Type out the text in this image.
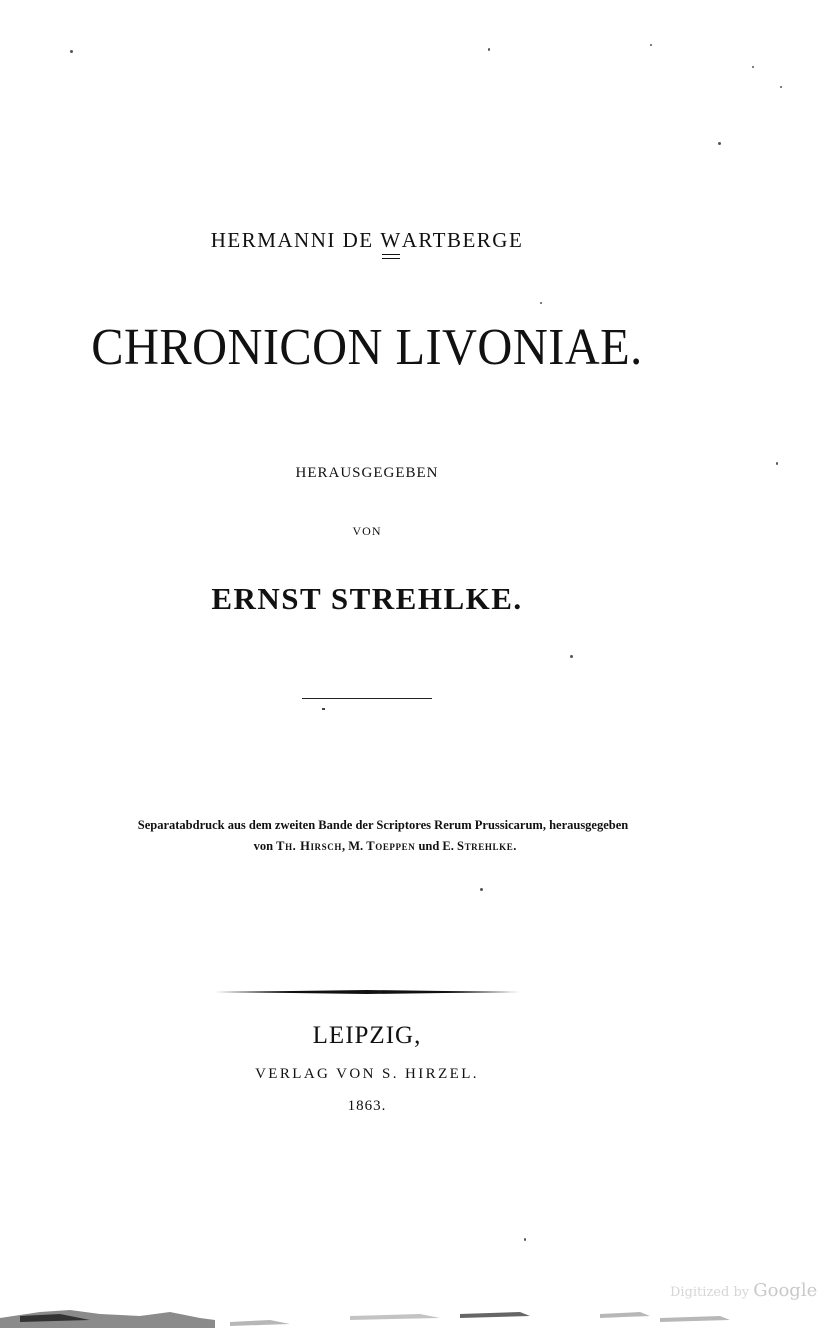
HERMANNI DE WARTBERGE
CHRONICON LIVONIAE.
HERAUSGEGEBEN
VON
ERNST STREHLKE.
Separatabdruck aus dem zweiten Bande der Scriptores Rerum Prussicarum, herausgegeben
von Th. Hirsch, M. Toeppen und E. Strehlke.
LEIPZIG,
VERLAG VON S. HIRZEL.
1863.
Digitized by Google
